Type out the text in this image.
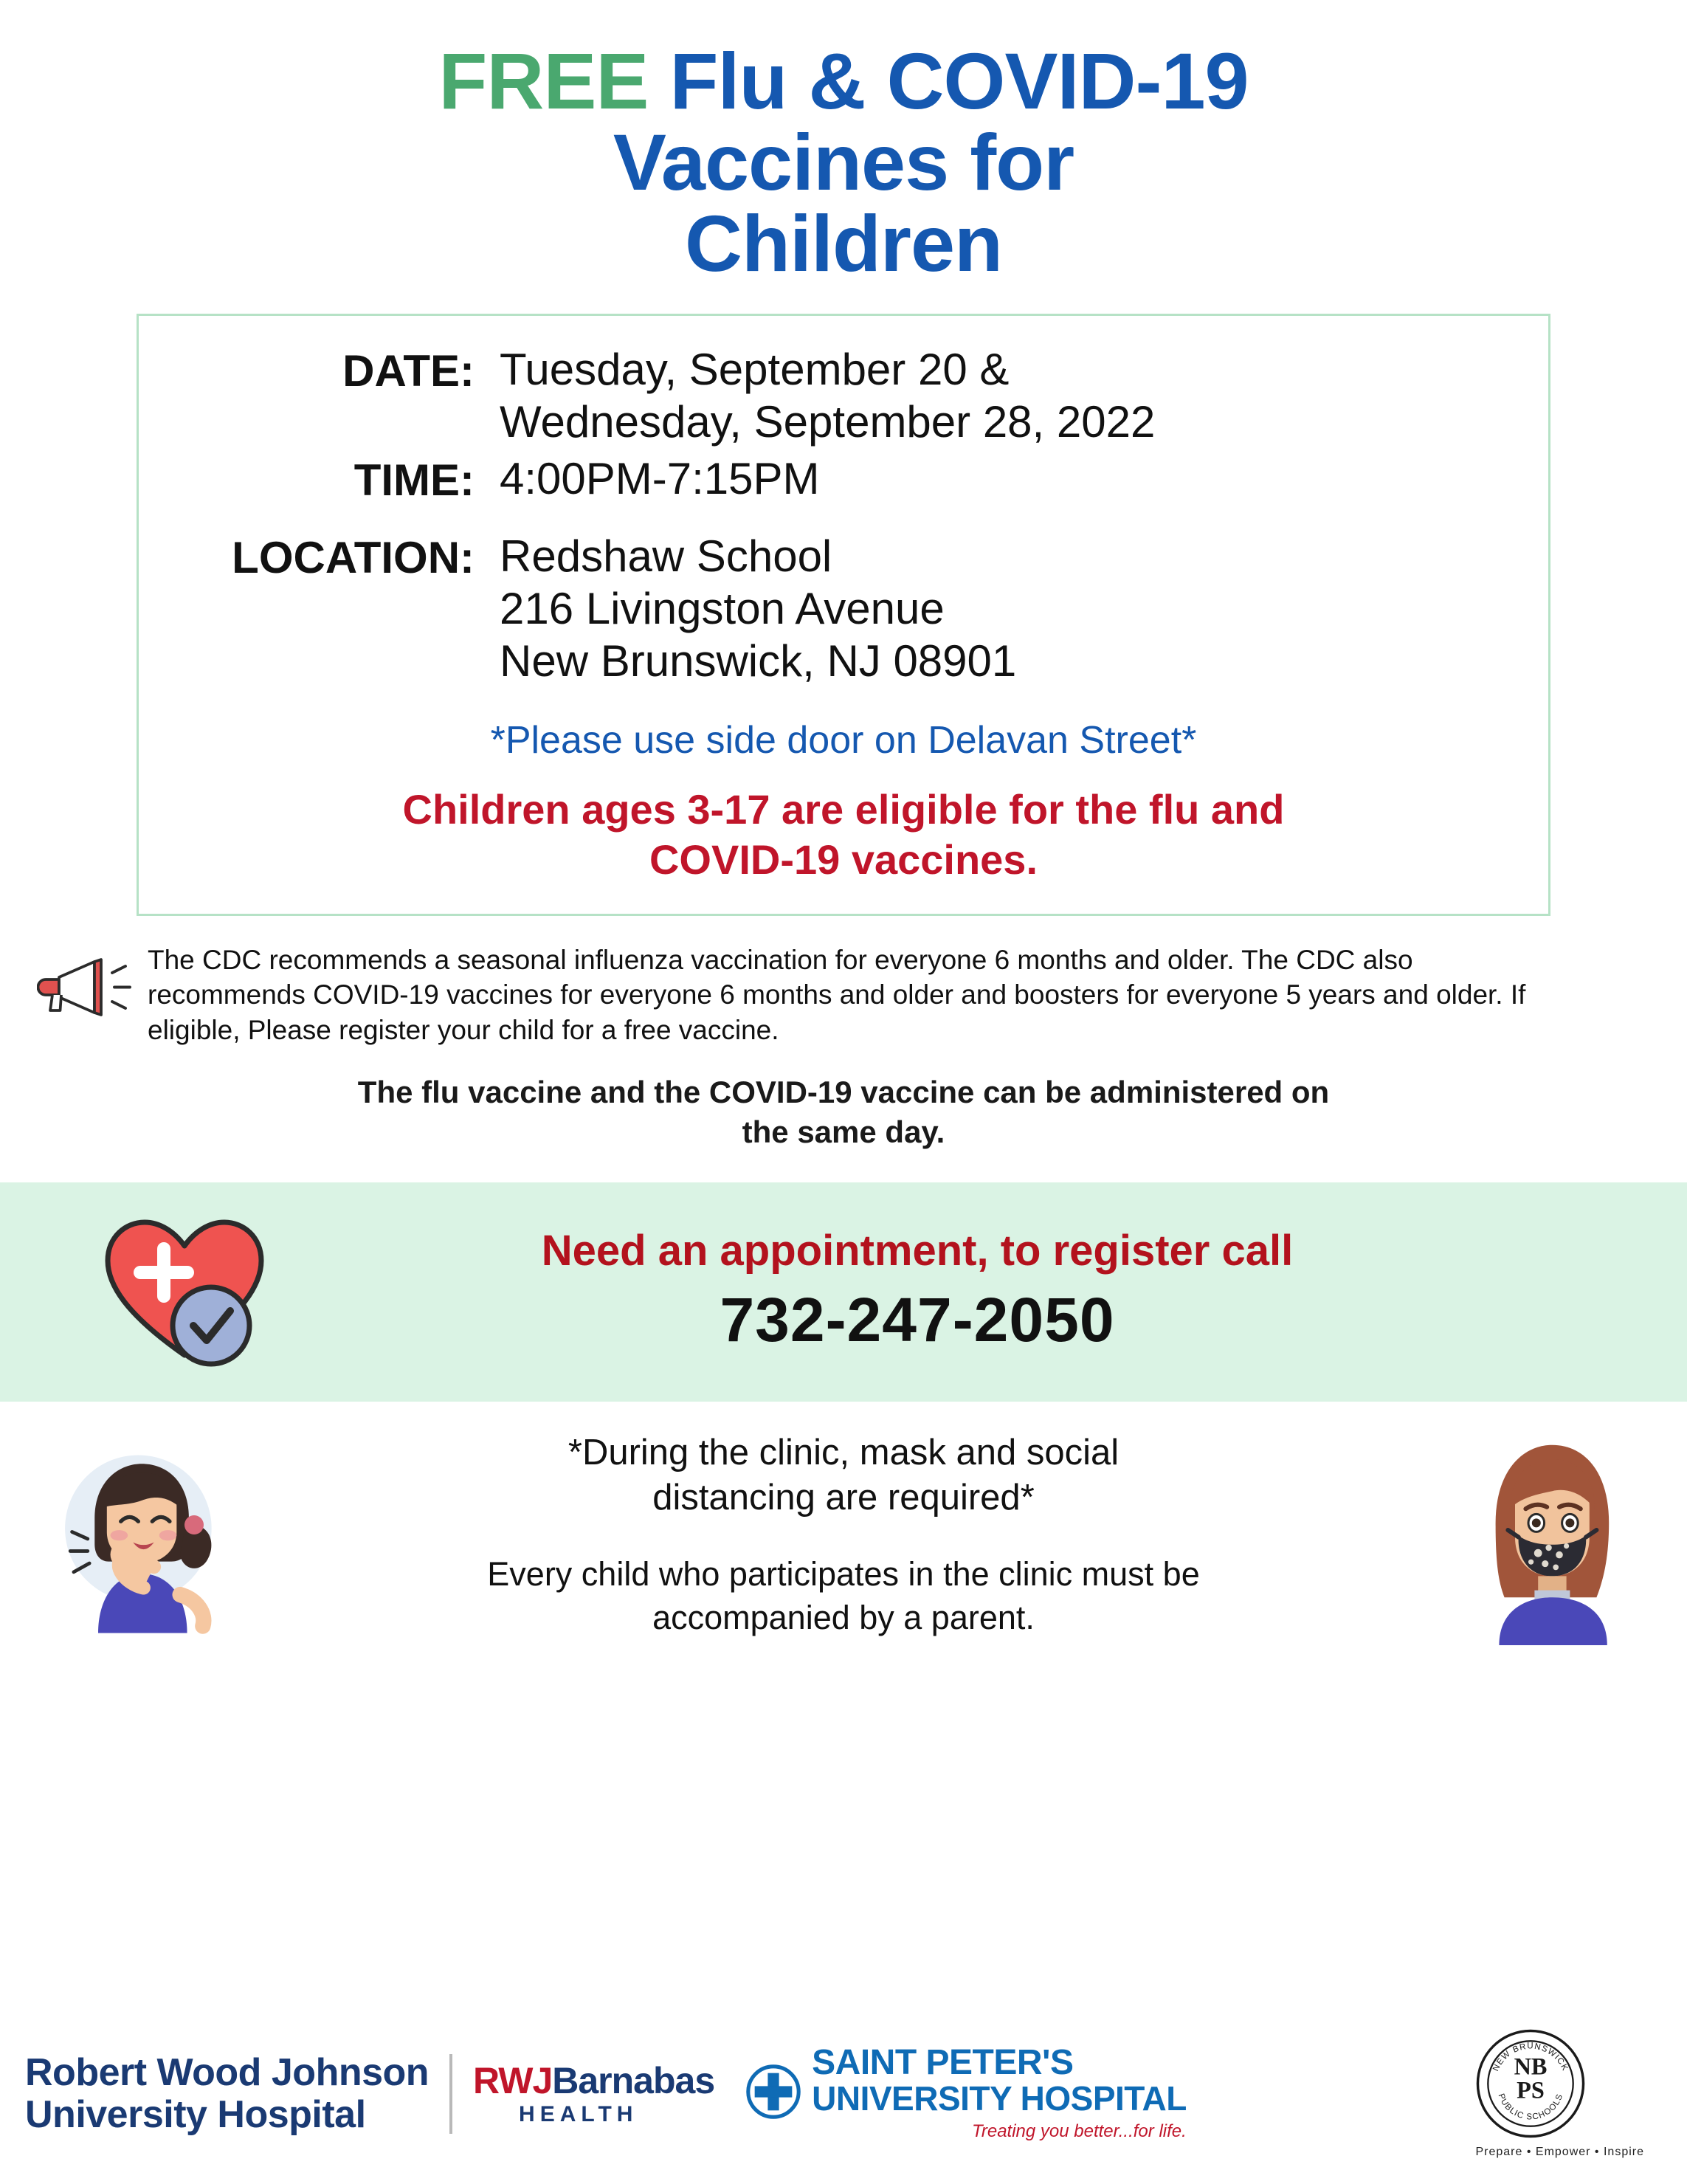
FREE Flu & COVID-19
Vaccines for
Children
DATE: Tuesday, September 20 &
Wednesday, September 28, 2022
TIME: 4:00PM-7:15PM
LOCATION: Redshaw School
216 Livingston Avenue
New Brunswick, NJ 08901
*Please use side door on Delavan Street*
Children ages 3-17 are eligible for the flu and
COVID-19 vaccines.
The CDC recommends a seasonal influenza vaccination for everyone 6 months and older. The CDC also recommends COVID-19 vaccines for everyone 6 months and older and boosters for everyone 5 years and older. If eligible, Please register your child for a free vaccine.
The flu vaccine and the COVID-19 vaccine can be administered on
the same day.
Need an appointment, to register call
732-247-2050
*During the clinic, mask and social
distancing are required*
Every child who participates in the clinic must be
accompanied by a parent.
Robert Wood Johnson
University Hospital
RWJBarnabas
HEALTH
SAINT PETER'S
UNIVERSITY HOSPITAL
Treating you better...for life.
NB
PS
NEW BRUNSWICK
PUBLIC SCHOOLS
Prepare • Empower • Inspire
